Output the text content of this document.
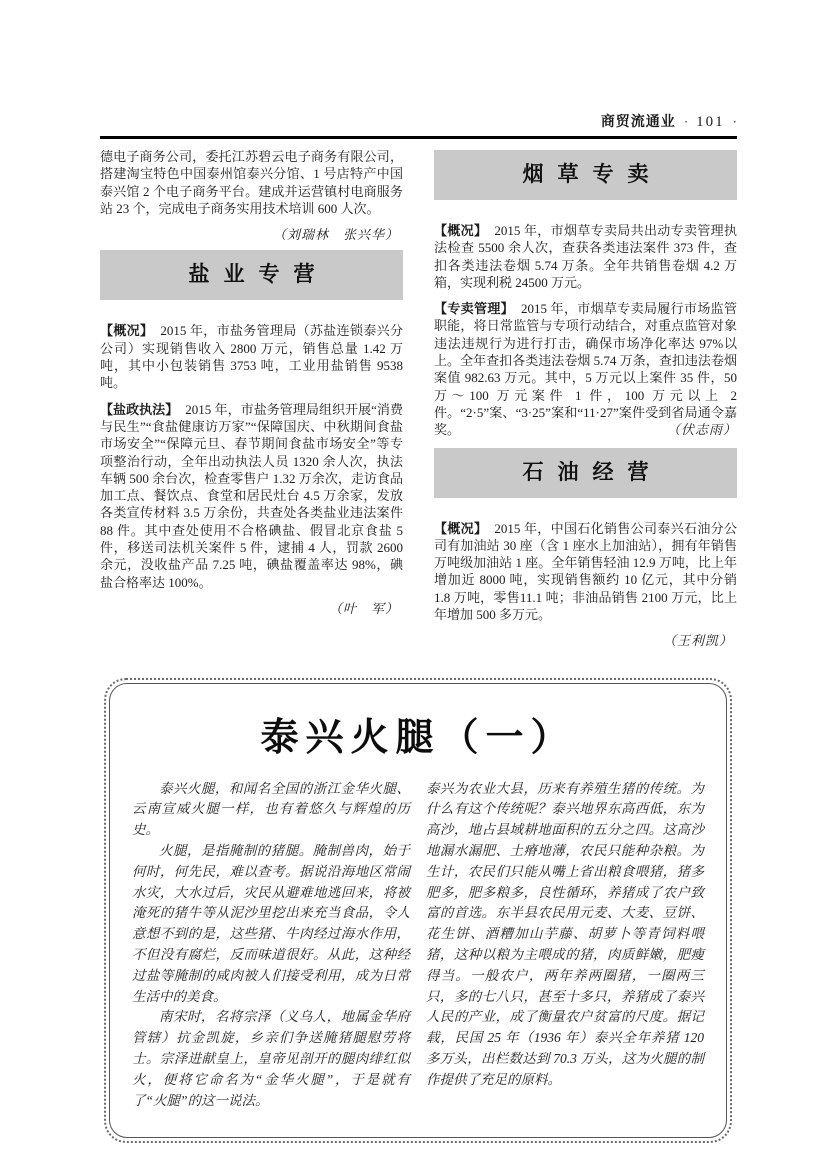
商贸流通业 · 101 ·

德电子商务公司，委托江苏碧云电子商务有限公司，搭建淘宝特色中国泰州馆泰兴分馆、1 号店特产中国泰兴馆 2 个电子商务平台。建成并运营镇村电商服务站 23 个，完成电子商务实用技术培训 600 人次。

（刘瑞林　张兴华）

盐业专营

【概况】 2015 年，市盐务管理局（苏盐连锁泰兴分公司）实现销售收入 2800 万元，销售总量 1.42 万吨，其中小包装销售 3753 吨，工业用盐销售 9538 吨。

【盐政执法】 2015 年，市盐务管理局组织开展“消费与民生”“食盐健康访万家”“保障国庆、中秋期间食盐市场安全”“保障元旦、春节期间食盐市场安全”等专项整治行动，全年出动执法人员 1320 余人次，执法车辆 500 余台次，检查零售户 1.32 万余次，走访食品加工点、餐饮点、食堂和居民灶台 4.5 万余家，发放各类宣传材料 3.5 万余份，共查处各类盐业违法案件 88 件。其中查处使用不合格碘盐、假冒北京食盐 5 件，移送司法机关案件 5 件，逮捕 4 人，罚款 2600 余元，没收盐产品 7.25 吨，碘盐覆盖率达 98%，碘盐合格率达 100%。

（叶　军）

烟草专卖

【概况】 2015 年，市烟草专卖局共出动专卖管理执法检查 5500 余人次，查获各类违法案件 373 件，查扣各类违法卷烟 5.74 万条。全年共销售卷烟 4.2 万箱，实现利税 24500 万元。

【专卖管理】 2015 年，市烟草专卖局履行市场监管职能，将日常监管与专项行动结合，对重点监管对象违法违规行为进行打击，确保市场净化率达 97%以上。全年查扣各类违法卷烟 5.74 万条，查扣违法卷烟案值 982.63 万元。其中，5 万元以上案件 35 件，50 万～100 万元案件 1 件，100 万元以上 2 件。“2·5”案、“3·25”案和“11·27”案件受到省局通令嘉奖。	（伏志雨）

石油经营

【概况】 2015 年，中国石化销售公司泰兴石油分公司有加油站 30 座（含 1 座水上加油站），拥有年销售万吨级加油站 1 座。全年销售轻油 12.9 万吨，比上年增加近 8000 吨，实现销售额约 10 亿元，其中分销 1.8 万吨，零售11.1 吨；非油品销售 2100 万元，比上年增加 500 多万元。

（王利凯）

泰兴火腿（一）

泰兴火腿，和闻名全国的浙江金华火腿、云南宣威火腿一样，也有着悠久与辉煌的历史。

火腿，是指腌制的猪腿。腌制兽肉，始于何时，何先民，难以查考。据说沿海地区常闹水灾，大水过后，灾民从避难地逃回来，将被淹死的猪牛等从泥沙里挖出来充当食品，令人意想不到的是，这些猪、牛肉经过海水作用，不但没有腐烂，反而味道很好。从此，这种经过盐等腌制的咸肉被人们接受利用，成为日常生活中的美食。

南宋时，名将宗泽（义乌人，地属金华府管辖）抗金凯旋，乡亲们争送腌猪腿慰劳将士。宗泽进献皇上，皇帝见剖开的腿肉绯红似火，便将它命名为“金华火腿”，于是就有了“火腿”的这一说法。

泰兴为农业大县，历来有养殖生猪的传统。为什么有这个传统呢？泰兴地界东高西低，东为高沙，地占县域耕地面积的五分之四。这高沙地漏水漏肥、土瘠地薄，农民只能种杂粮。为生计，农民们只能从嘴上省出粮食喂猪，猪多肥多，肥多粮多，良性循环，养猪成了农户致富的首选。东半县农民用元麦、大麦、豆饼、花生饼、酒糟加山芋藤、胡萝卜等青饲料喂猪，这种以粮为主喂成的猪，肉质鲜嫩，肥瘦得当。一般农户，两年养两圈猪，一圈两三只，多的七八只，甚至十多只，养猪成了泰兴人民的产业，成了衡量农户贫富的尺度。据记载，民国 25 年（1936 年）泰兴全年养猪 120 多万头，出栏数达到 70.3 万头，这为火腿的制作提供了充足的原料。
